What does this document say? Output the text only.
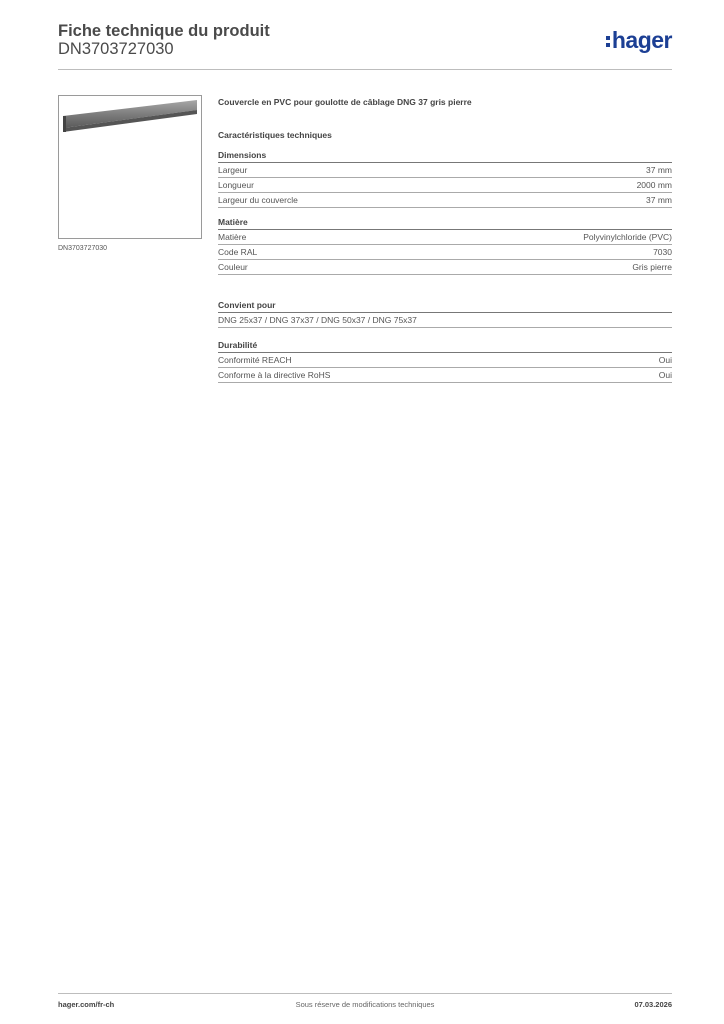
Fiche technique du produit
DN3703727030	hager
DN3703727030
Couvercle en PVC pour goulotte de câblage DNG 37 gris pierre
Caractéristiques techniques
Dimensions
Largeur	37 mm
Longueur	2000 mm
Largeur du couvercle	37 mm
Matière
Matière	Polyvinylchloride (PVC)
Code RAL	7030
Couleur	Gris pierre
Convient pour
DNG 25x37 / DNG 37x37 / DNG 50x37 / DNG 75x37
Durabilité
Conformité REACH	Oui
Conforme à la directive RoHS	Oui
hager.com/fr-ch	Sous réserve de modifications techniques	07.03.2026
